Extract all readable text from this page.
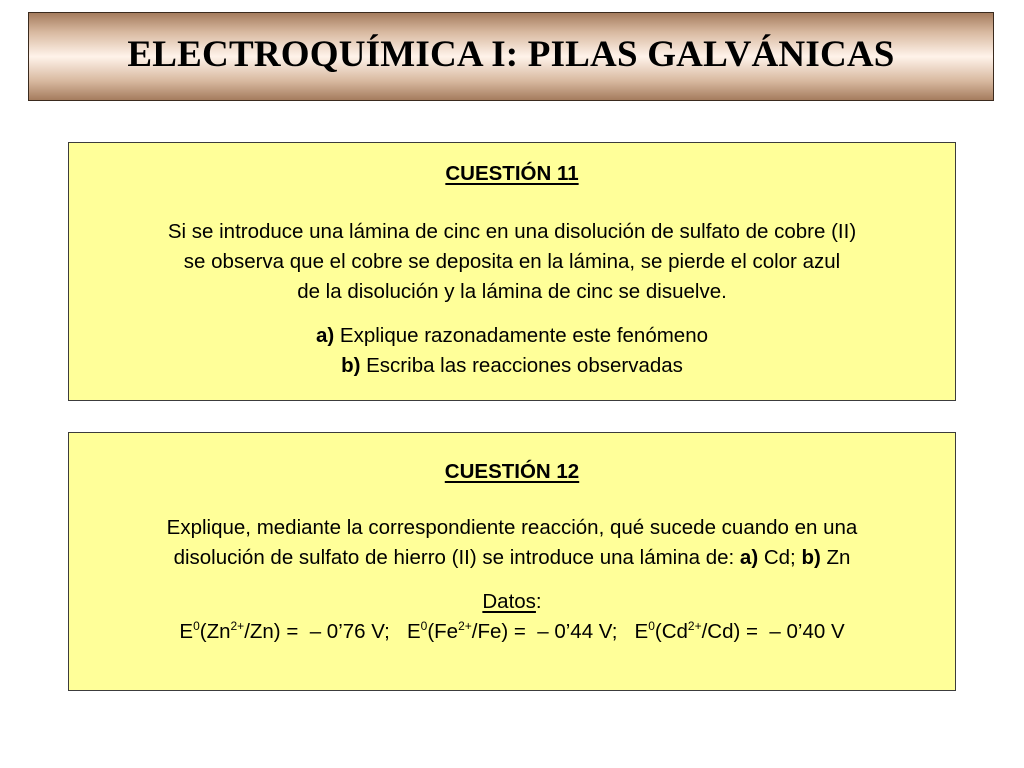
ELECTROQUÍMICA I: PILAS GALVÁNICAS
CUESTIÓN 11
Si se introduce una lámina de cinc en una disolución de sulfato de cobre (II)
se observa que el cobre se deposita en la lámina, se pierde el color azul
de la disolución y la lámina de cinc se disuelve.
a) Explique razonadamente este fenómeno
b) Escriba las reacciones observadas
CUESTIÓN 12
Explique, mediante la correspondiente reacción, qué sucede cuando en una
disolución de sulfato de hierro (II) se introduce una lámina de: a) Cd; b) Zn
Datos:
$E^0(Zn^{2+}/Zn)$ =  – 0’76 V;   $E^0(Fe^{2+}/Fe)$ =  – 0’44 V;   $E^0(Cd^{2+}/Cd)$ =  – 0’40 V
